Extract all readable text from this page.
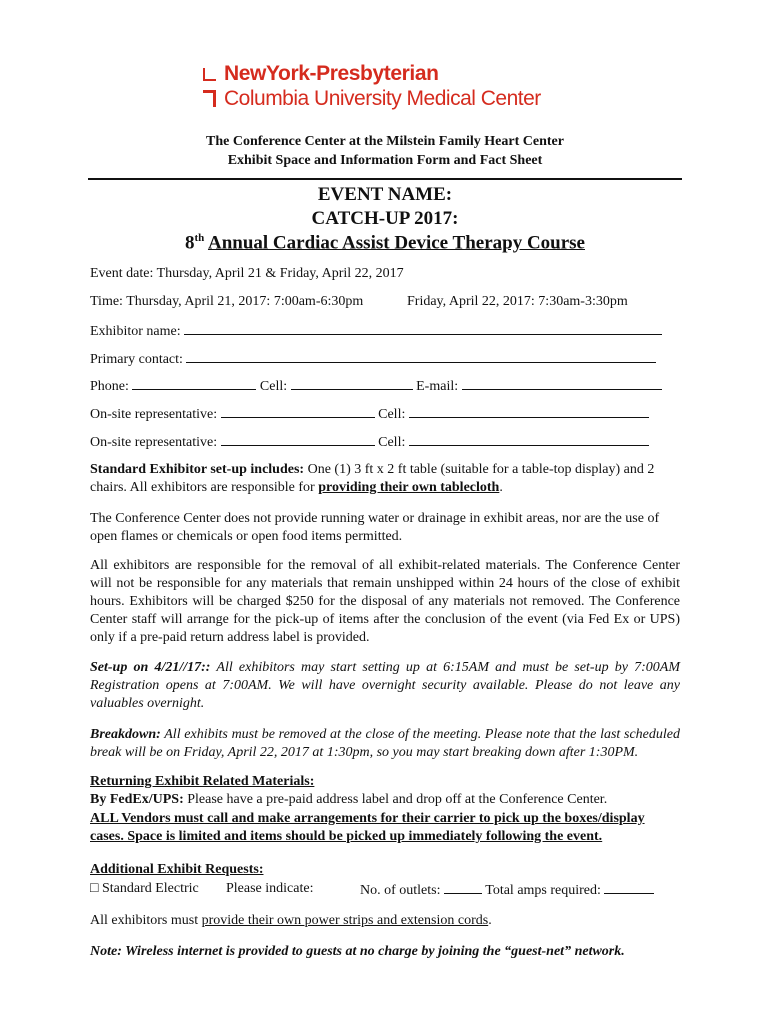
NewYork-Presbyterian
Columbia University Medical Center
The Conference Center at the Milstein Family Heart Center
Exhibit Space and Information Form and Fact Sheet
EVENT NAME:
CATCH-UP 2017:
8th Annual Cardiac Assist Device Therapy Course
Event date: Thursday, April 21 & Friday, April 22, 2017
Time: Thursday, April 21, 2017: 7:00am-6:30pm	Friday, April 22, 2017: 7:30am-3:30pm
Exhibitor name:
Primary contact:
Phone:	Cell:	E-mail:
On-site representative:	Cell:
On-site representative:	Cell:
Standard Exhibitor set-up includes: One (1) 3 ft x 2 ft table (suitable for a table-top display) and 2 chairs. All exhibitors are responsible for providing their own tablecloth.
The Conference Center does not provide running water or drainage in exhibit areas, nor are the use of open flames or chemicals or open food items permitted.
All exhibitors are responsible for the removal of all exhibit-related materials. The Conference Center will not be responsible for any materials that remain unshipped within 24 hours of the close of exhibit hours. Exhibitors will be charged $250 for the disposal of any materials not removed. The Conference Center staff will arrange for the pick-up of items after the conclusion of the event (via Fed Ex or UPS) only if a pre-paid return address label is provided.
Set-up on 4/21//17:: All exhibitors may start setting up at 6:15AM and must be set-up by 7:00AM Registration opens at 7:00AM. We will have overnight security available. Please do not leave any valuables overnight.
Breakdown: All exhibits must be removed at the close of the meeting. Please note that the last scheduled break will be on Friday, April 22, 2017 at 1:30pm, so you may start breaking down after 1:30PM.
Returning Exhibit Related Materials:
By FedEx/UPS: Please have a pre-paid address label and drop off at the Conference Center.
ALL Vendors must call and make arrangements for their carrier to pick up the boxes/display cases. Space is limited and items should be picked up immediately following the event.
Additional Exhibit Requests:
□ Standard Electric Please indicate:	No. of outlets:	Total amps required:
All exhibitors must provide their own power strips and extension cords.
Note: Wireless internet is provided to guests at no charge by joining the “guest-net” network.
